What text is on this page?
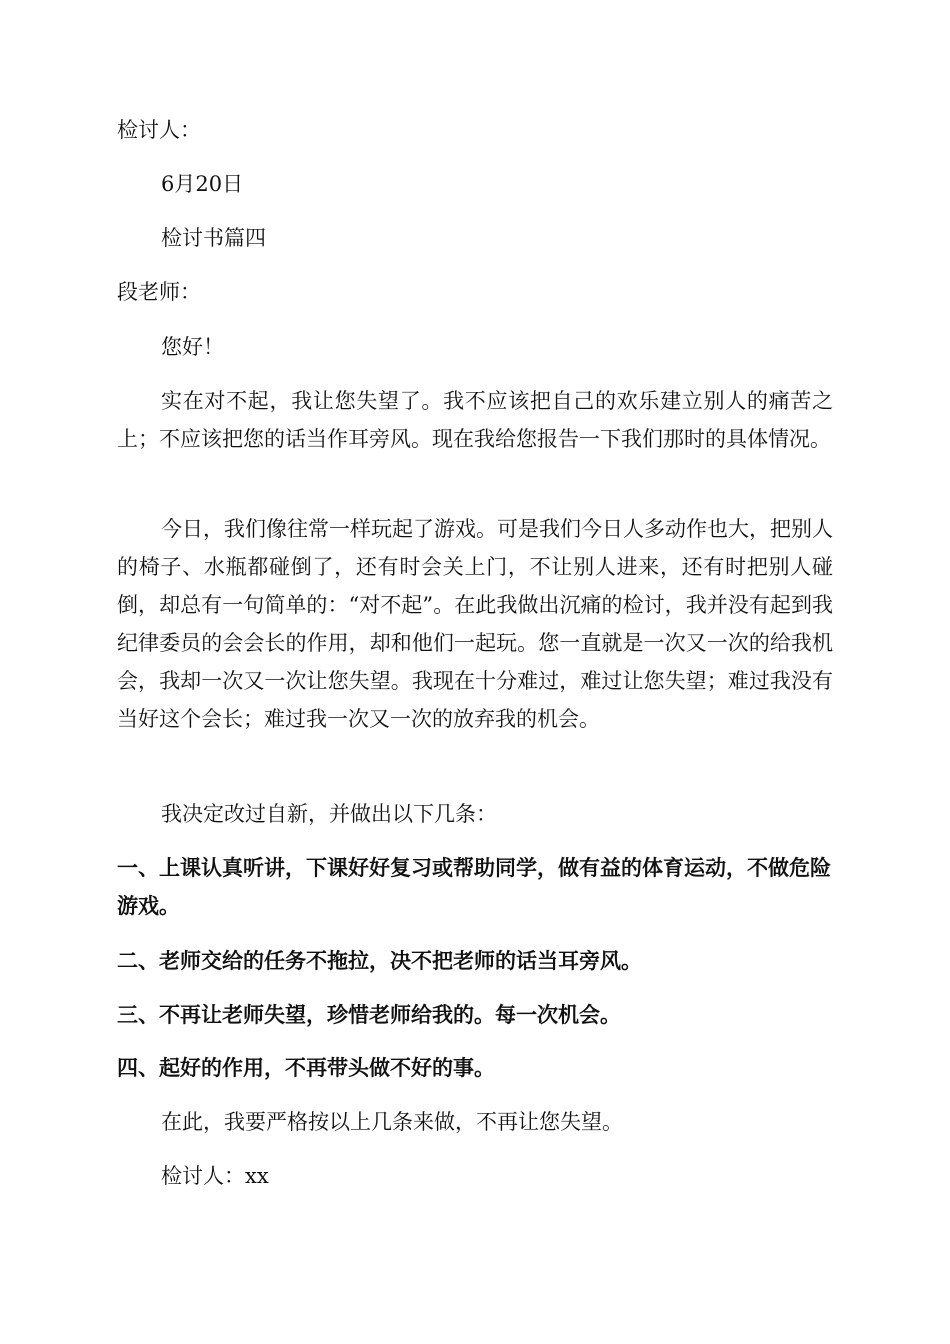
检讨人：
6月20日
检讨书篇四
段老师：
您好！
实在对不起，我让您失望了。我不应该把自己的欢乐建立别人的痛苦之上；不应该把您的话当作耳旁风。现在我给您报告一下我们那时的具体情况。
今日，我们像往常一样玩起了游戏。可是我们今日人多动作也大，把别人的椅子、水瓶都碰倒了，还有时会关上门，不让别人进来，还有时把别人碰倒，却总有一句简单的：“对不起”。在此我做出沉痛的检讨，我并没有起到我纪律委员的会会长的作用，却和他们一起玩。您一直就是一次又一次的给我机会，我却一次又一次让您失望。我现在十分难过，难过让您失望；难过我没有当好这个会长；难过我一次又一次的放弃我的机会。
我决定改过自新，并做出以下几条：
一、上课认真听讲，下课好好复习或帮助同学，做有益的体育运动，不做危险游戏。
二、老师交给的任务不拖拉，决不把老师的话当耳旁风。
三、不再让老师失望，珍惜老师给我的。每一次机会。
四、起好的作用，不再带头做不好的事。
在此，我要严格按以上几条来做，不再让您失望。
检讨人：xx
